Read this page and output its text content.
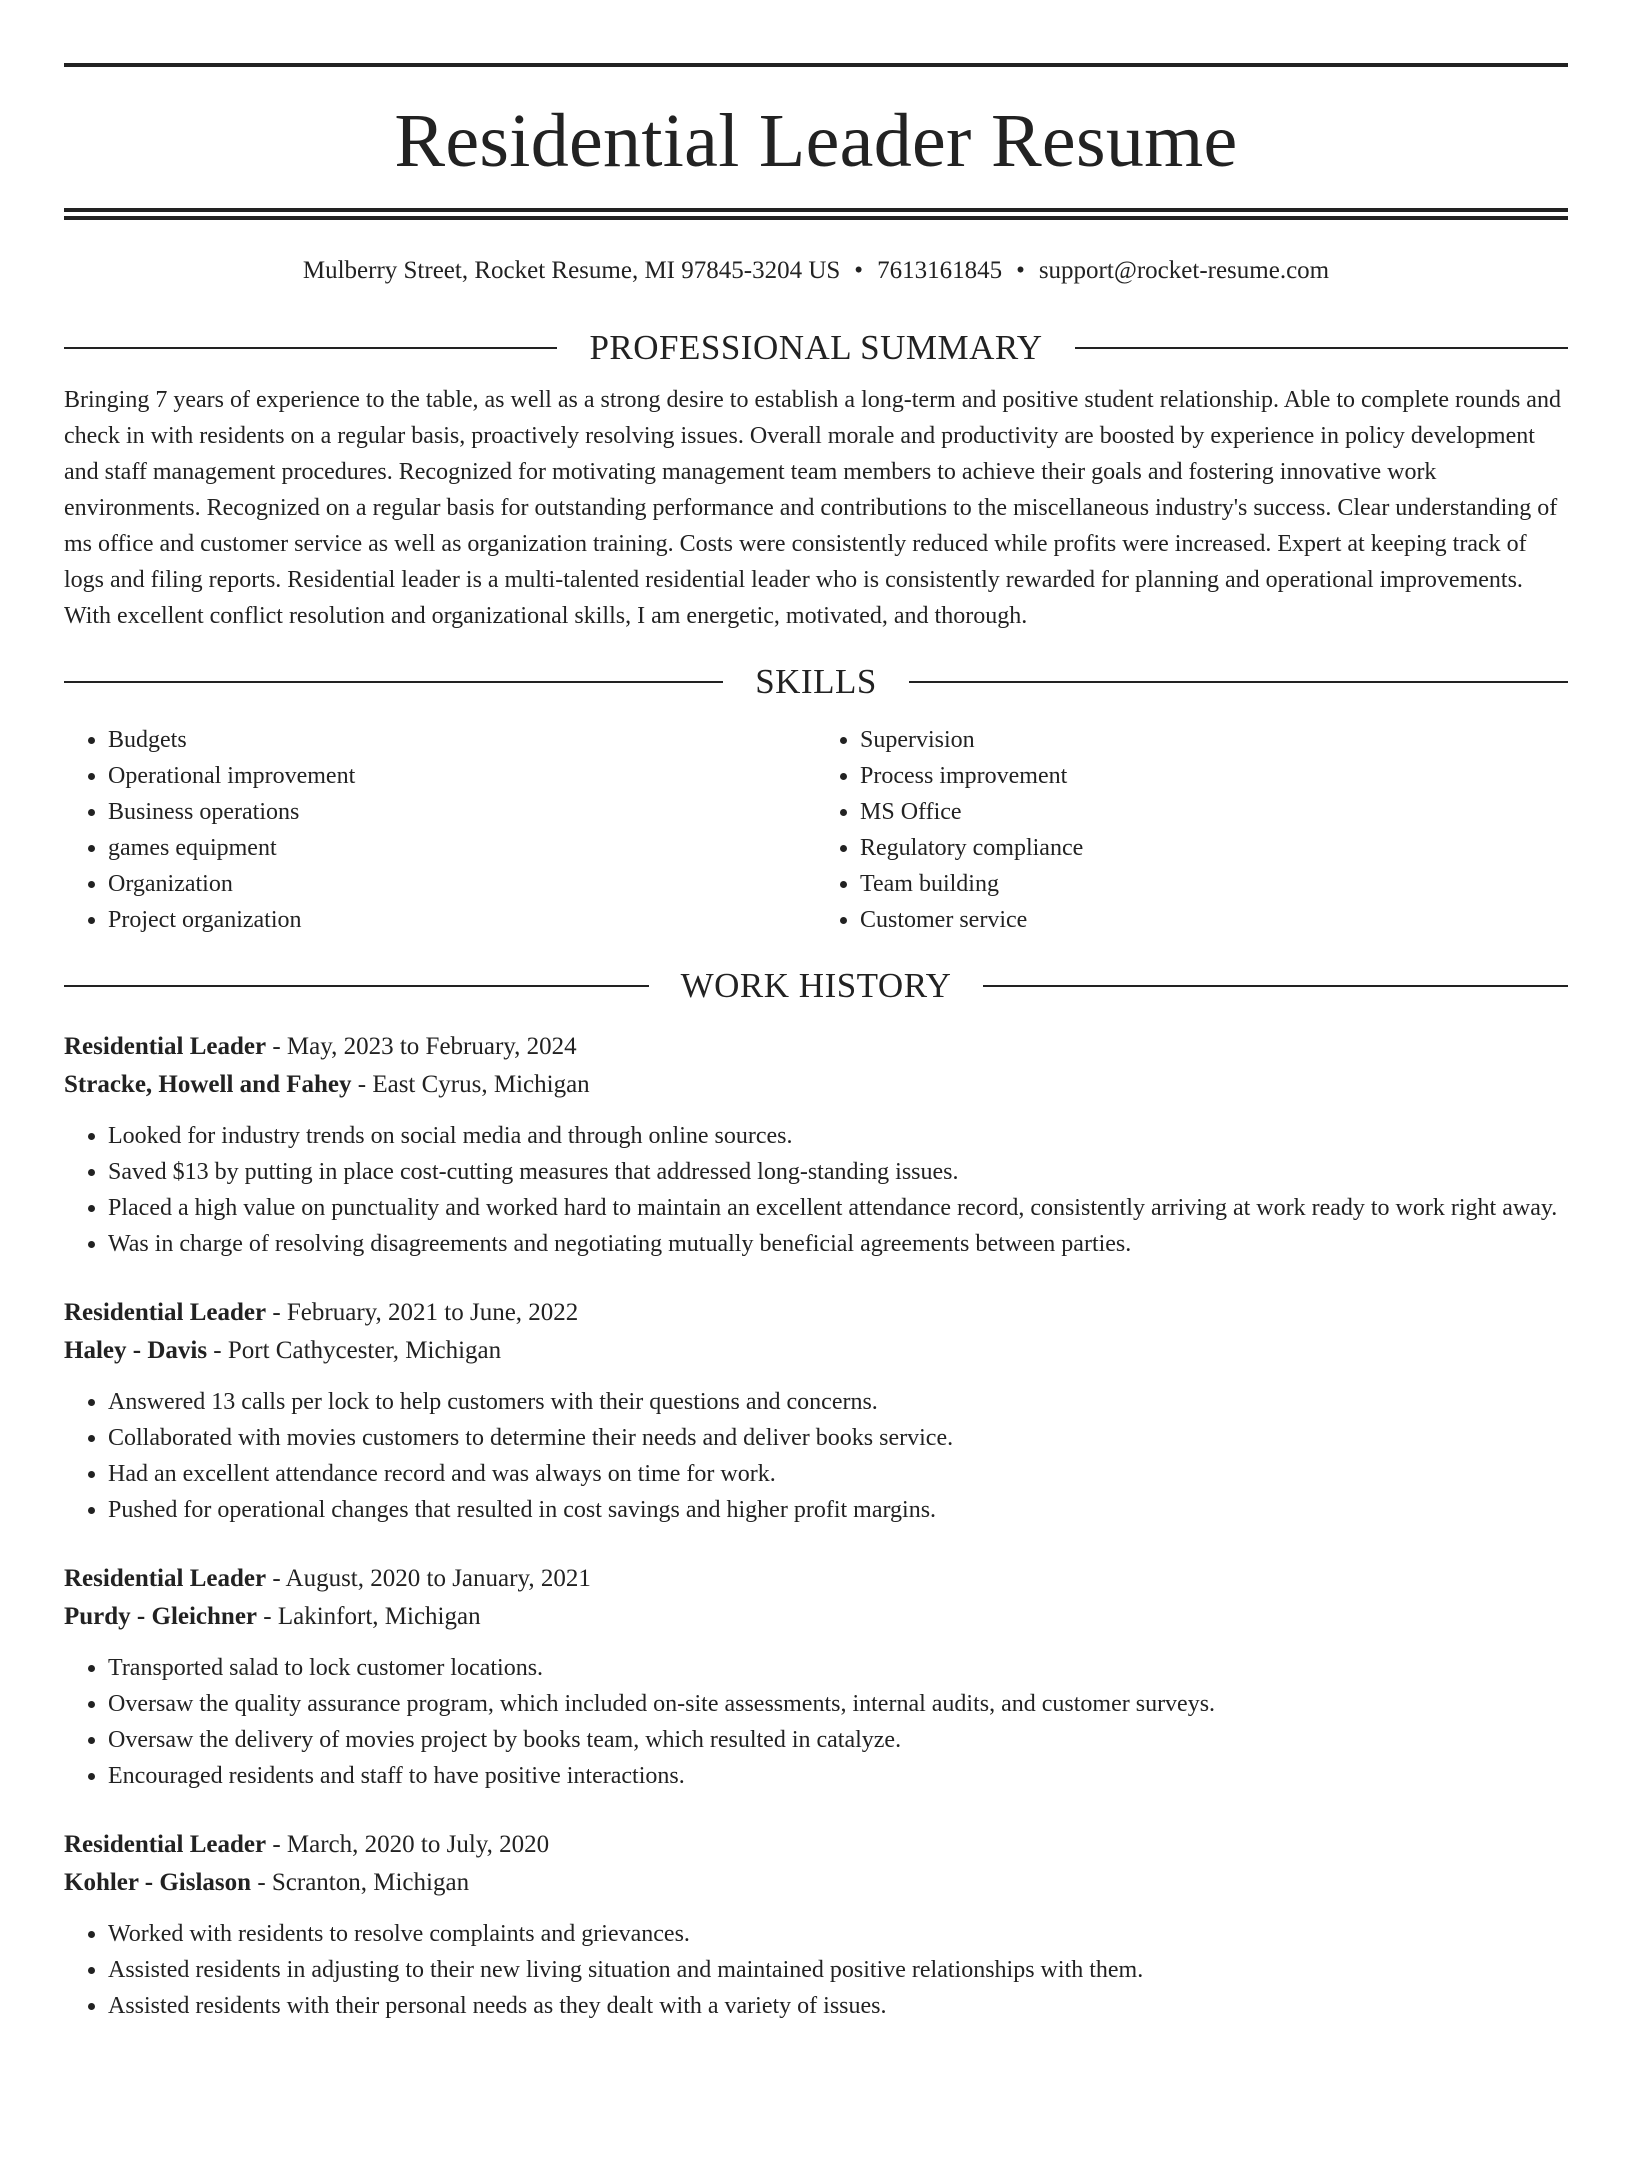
Residential Leader Resume
Mulberry Street, Rocket Resume, MI 97845-3204 US • 7613161845 • support@rocket-resume.com
PROFESSIONAL SUMMARY

Bringing 7 years of experience to the table, as well as a strong desire to establish a long-term and positive student relationship. Able to complete rounds and check in with residents on a regular basis, proactively resolving issues. Overall morale and productivity are boosted by experience in policy development and staff management procedures. Recognized for motivating management team members to achieve their goals and fostering innovative work environments. Recognized on a regular basis for outstanding performance and contributions to the miscellaneous industry's success. Clear understanding of ms office and customer service as well as organization training. Costs were consistently reduced while profits were increased. Expert at keeping track of logs and filing reports. Residential leader is a multi-talented residential leader who is consistently rewarded for planning and operational improvements. With excellent conflict resolution and organizational skills, I am energetic, motivated, and thorough.

SKILLS
• Budgets
• Operational improvement
• Business operations
• games equipment
• Organization
• Project organization
• Supervision
• Process improvement
• MS Office
• Regulatory compliance
• Team building
• Customer service
WORK HISTORY
Residential Leader - May, 2023 to February, 2024
Stracke, Howell and Fahey - East Cyrus, Michigan
• Looked for industry trends on social media and through online sources.
• Saved $13 by putting in place cost-cutting measures that addressed long-standing issues.
• Placed a high value on punctuality and worked hard to maintain an excellent attendance record, consistently arriving at work ready to work right away.
• Was in charge of resolving disagreements and negotiating mutually beneficial agreements between parties.
Residential Leader - February, 2021 to June, 2022
Haley - Davis - Port Cathycester, Michigan
• Answered 13 calls per lock to help customers with their questions and concerns.
• Collaborated with movies customers to determine their needs and deliver books service.
• Had an excellent attendance record and was always on time for work.
• Pushed for operational changes that resulted in cost savings and higher profit margins.
Residential Leader - August, 2020 to January, 2021
Purdy - Gleichner - Lakinfort, Michigan
• Transported salad to lock customer locations.
• Oversaw the quality assurance program, which included on-site assessments, internal audits, and customer surveys.
• Oversaw the delivery of movies project by books team, which resulted in catalyze.
• Encouraged residents and staff to have positive interactions.
Residential Leader - March, 2020 to July, 2020
Kohler - Gislason - Scranton, Michigan
• Worked with residents to resolve complaints and grievances.
• Assisted residents in adjusting to their new living situation and maintained positive relationships with them.
• Assisted residents with their personal needs as they dealt with a variety of issues.
